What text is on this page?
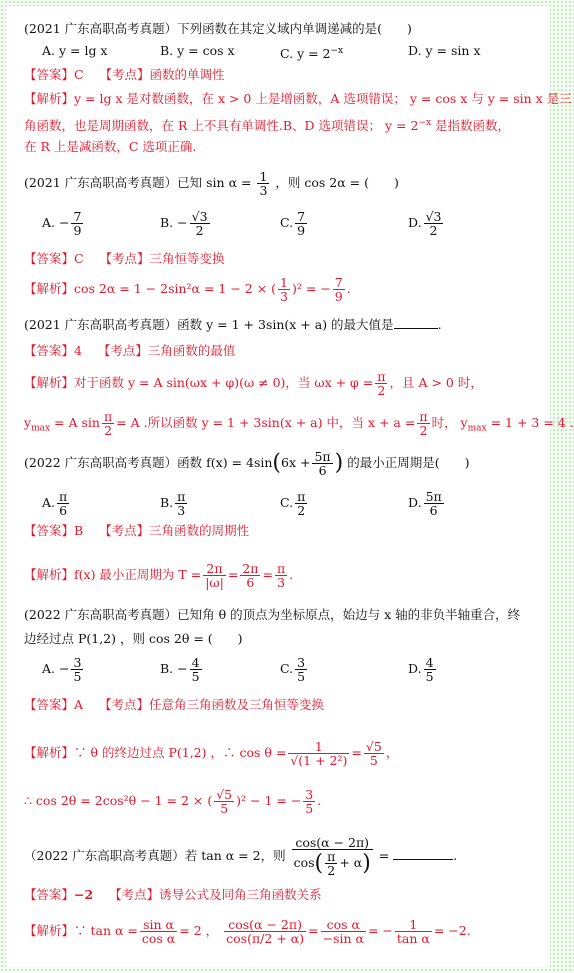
(2021 广东高职高考真题）下列函数在其定义域内单调递减的是(　　)
A. y = lg x	B. y = cos x	C. $y = 2^{-x}$	D. y = sin x
【答案】C 【考点】函数的单调性
【解析】y = lg x 是对数函数，在 x > 0 上是增函数，A 选项错误； y = cos x 与 y = sin x 是三
角函数，也是周期函数，在 R 上不具有单调性.B、D 选项错误； $y = 2^{-x}$ 是指数函数，
在 R 上是减函数，C 选项正确.
(2021 广东高职高考真题）已知 $\sin \alpha = \frac{1}{3}$ ，则 cos 2α = (　　)
A. − $\frac{7}{9}$	B. − $\frac{√3}{2}$	C. $\frac{7}{9}$	D. $\frac{√3}{2}$
【答案】C 【考点】三角恒等变换
【解析】cos 2α = 1 − 2sin²α = 1 − 2 × ( $\frac{1}{3} )^2$ = − $\frac{7}{9}$ .
(2021 广东高职高考真题）函数 y = 1 + 3sin(x + a) 的最大值是	.
【答案】4 【考点】三角函数的最值
【解析】对于函数 y = A sin(ωx + φ)(ω ≠ 0)，当 $\omega x + \varphi = \frac{\pi}{2}$ ，且 A > 0 时，
$y_{max} = A$ $\sin \frac{\pi}{2} = A$ .所以函数 y = 1 + 3sin(x + a) 中，当 $x + a = \frac{\pi}{2}$ 时， $y_{max} = 1 + 3 = 4$ .
(2022 广东高职高考真题）函数 $f(x) = 4\sin(6x + \frac{5\pi}{6}$ ) 的最小正周期是(　　)
A. $\frac{\pi}{6}$	B. $\frac{\pi}{3}$	C. $\frac{\pi}{2}$	D. $\frac{5\pi}{6}$
【答案】B 【考点】三角函数的周期性
【解析】f(x) 最小正周期为 $T = \frac{2\pi}{|\omega|} = \frac{2\pi}{6} = \frac{\pi}{3}$ .
(2022 广东高职高考真题）已知角 θ 的顶点为坐标原点，始边与 x 轴的非负半轴重合，终
边经过点 P(1,2) ，则 cos 2θ = (　　)
A. − $\frac{3}{5}$	B. − $\frac{4}{5}$	C. $\frac{3}{5}$	D. $\frac{4}{5}$
【答案】A 【考点】任意角三角函数及三角恒等变换
【解析】∵ θ 的终边过点 P(1,2) ，∴ $\cos \theta = \frac{1}{\text{√(1 + 2²)}} = \frac{√5}{5}$ ，
∴ cos 2θ = 2cos²θ − 1 = 2 × ( $\frac{√5}{5} )^2 - 1$ = − $\frac{3}{5}$ .
（2022 广东高职高考真题）若 tan α = 2，则 $\frac{\cos(\alpha - 2\pi)}{\cos( \frac{\pi}{2} + \alpha)}$ =	.
【答案】−2 【考点】诱导公式及同角三角函数关系
【解析】∵ $\tan \alpha = \frac{\text{sin α}}{\text{cos α}} = 2$ ， $\frac{\cos(\alpha - 2\pi)}{\cos(\pi/2 + \alpha)} = \frac{\text{cos α}}{\text{−sin α}}$ = − $\frac{1}{\text{tan α}} = -2$.
